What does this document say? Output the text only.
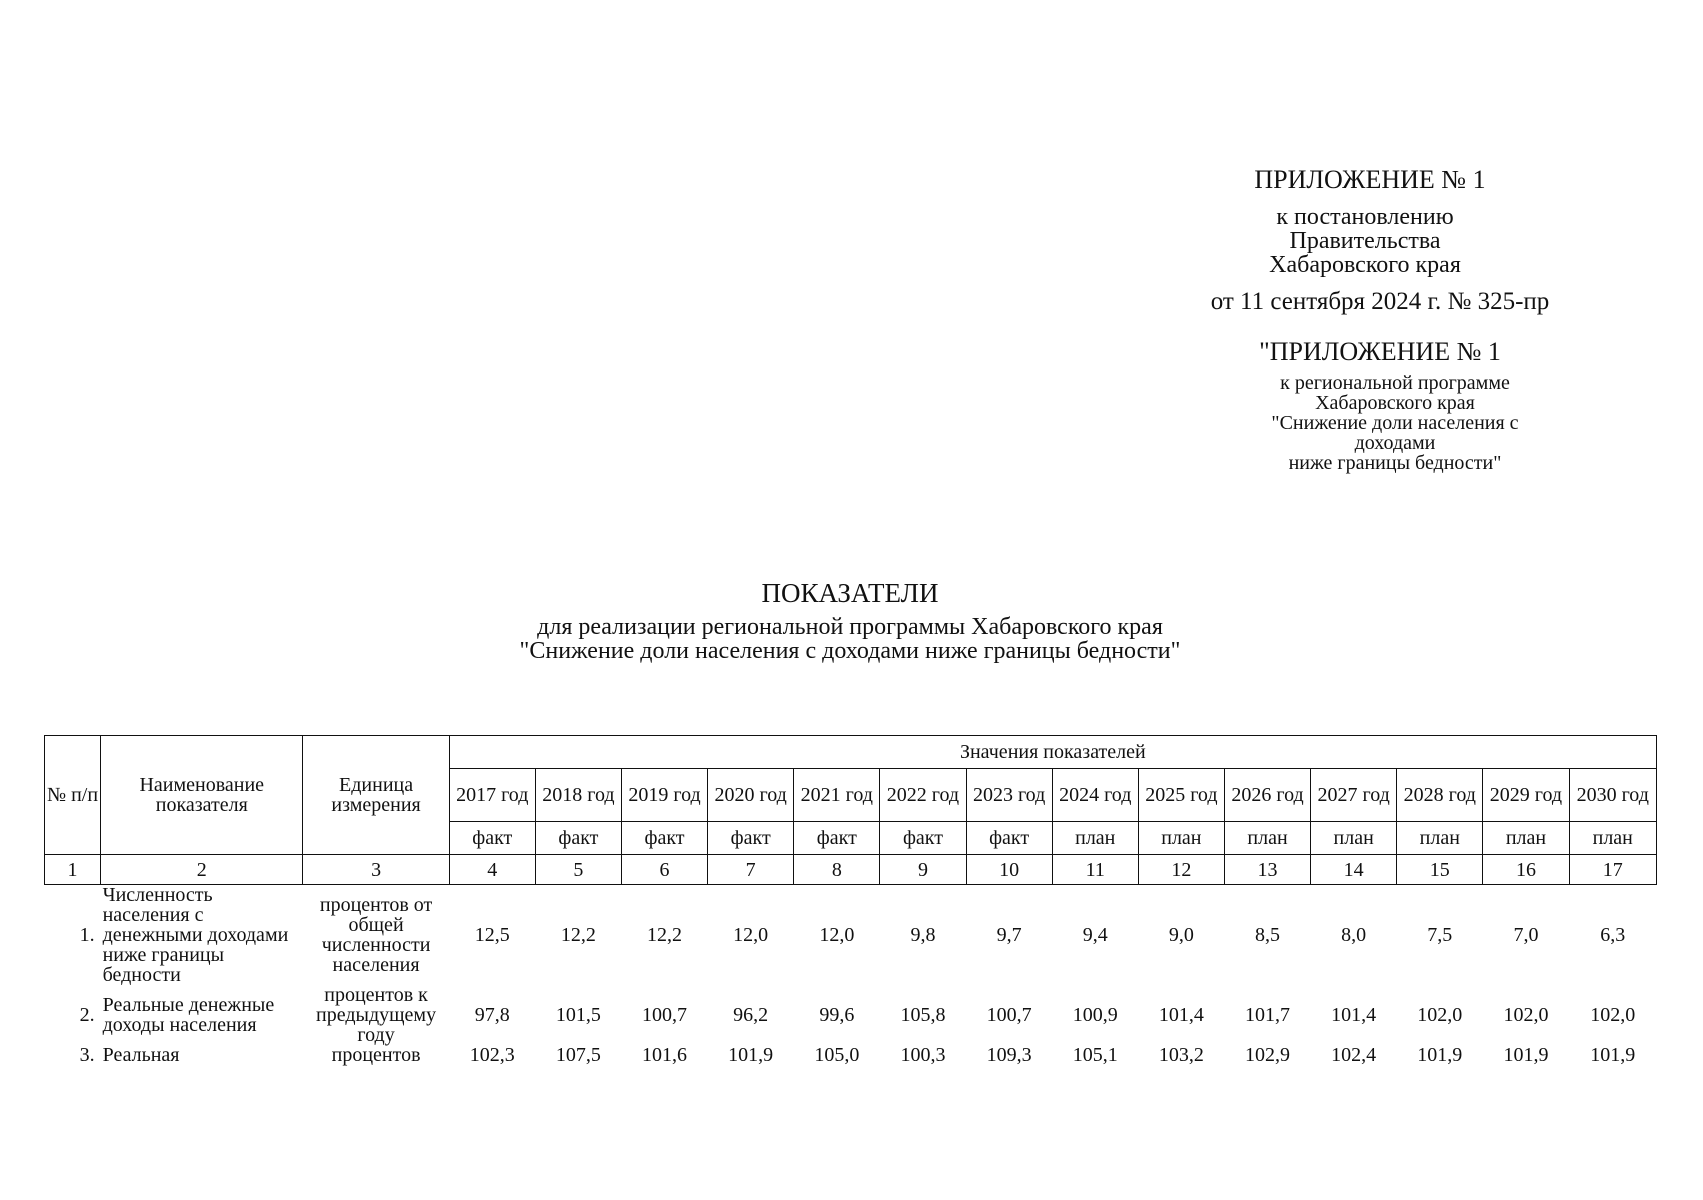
ПРИЛОЖЕНИЕ № 1
к постановлению
Правительства
Хабаровского края
от 11 сентября 2024 г. № 325-пр
"ПРИЛОЖЕНИЕ № 1
к региональной программе
Хабаровского края
"Снижение доли населения с доходами
ниже границы бедности"
ПОКАЗАТЕЛИ
для реализации региональной программы Хабаровского края
"Снижение доли населения с доходами ниже границы бедности"
№ п/п	Наименование показателя	Единица измерения	Значения показателей													
			2017 год	2018 год	2019 год	2020 год	2021 год	2022 год	2023 год	2024 год	2025 год	2026 год	2027 год	2028 год	2029 год	2030 год
			факт	факт	факт	факт	факт	факт	факт	план	план	план	план	план	план	план
1	2	3	4	5	6	7	8	9	10	11	12	13	14	15	16	17
1.	Численность населения с денежными доходами ниже границы бедности	процентов от общей численности населения	12,5	12,2	12,2	12,0	12,0	9,8	9,7	9,4	9,0	8,5	8,0	7,5	7,0	6,3
2.	Реальные денежные доходы населения	процентов к предыдущему году	97,8	101,5	100,7	96,2	99,6	105,8	100,7	100,9	101,4	101,7	101,4	102,0	102,0	102,0
3.	Реальная	процентов	102,3	107,5	101,6	101,9	105,0	100,3	109,3	105,1	103,2	102,9	102,4	101,9	101,9	101,9
